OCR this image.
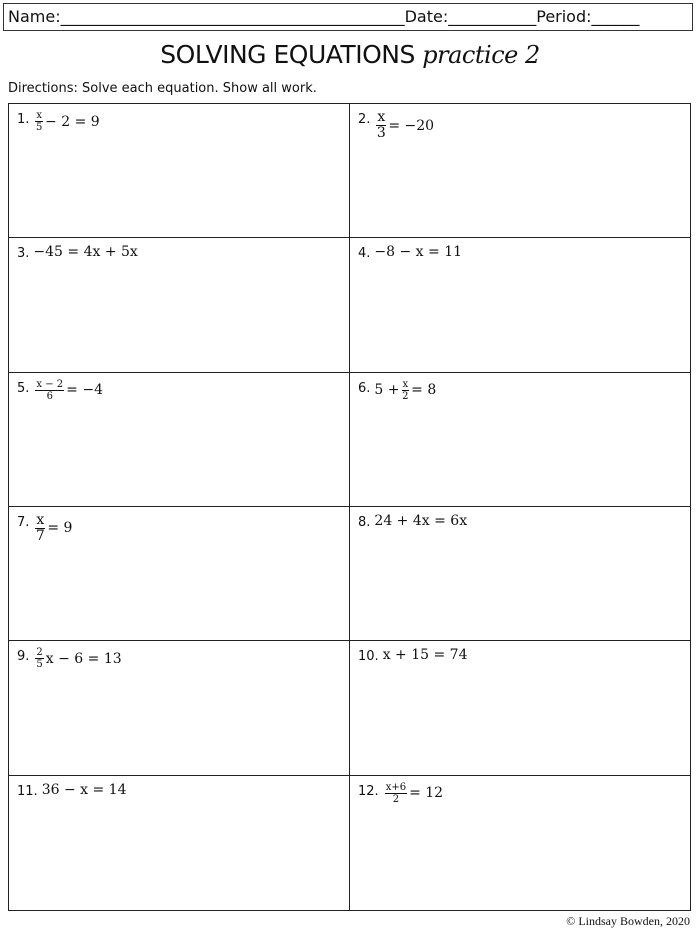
Name:___________________________________________Date:___________Period:______
SOLVING EQUATIONS practice 2
Directions: Solve each equation. Show all work.
1. $\frac{x}{5} - 2 = 9$	2. $\frac{x}{3} = -20$
3. −45 = 4x + 5x	4. −8 − x = 11
5. $\frac{x - 2}{6} = -4$	6. $5 + \frac{x}{2} = 8$
7. $\frac{x}{7} = 9$	8. 24 + 4x = 6x
9. $\frac{2}{5}$ x − 6 = 13	10. x + 15 = 74
11. 36 − x = 14	12. $\frac{x+6}{2} = 12$
© Lindsay Bowden, 2020
